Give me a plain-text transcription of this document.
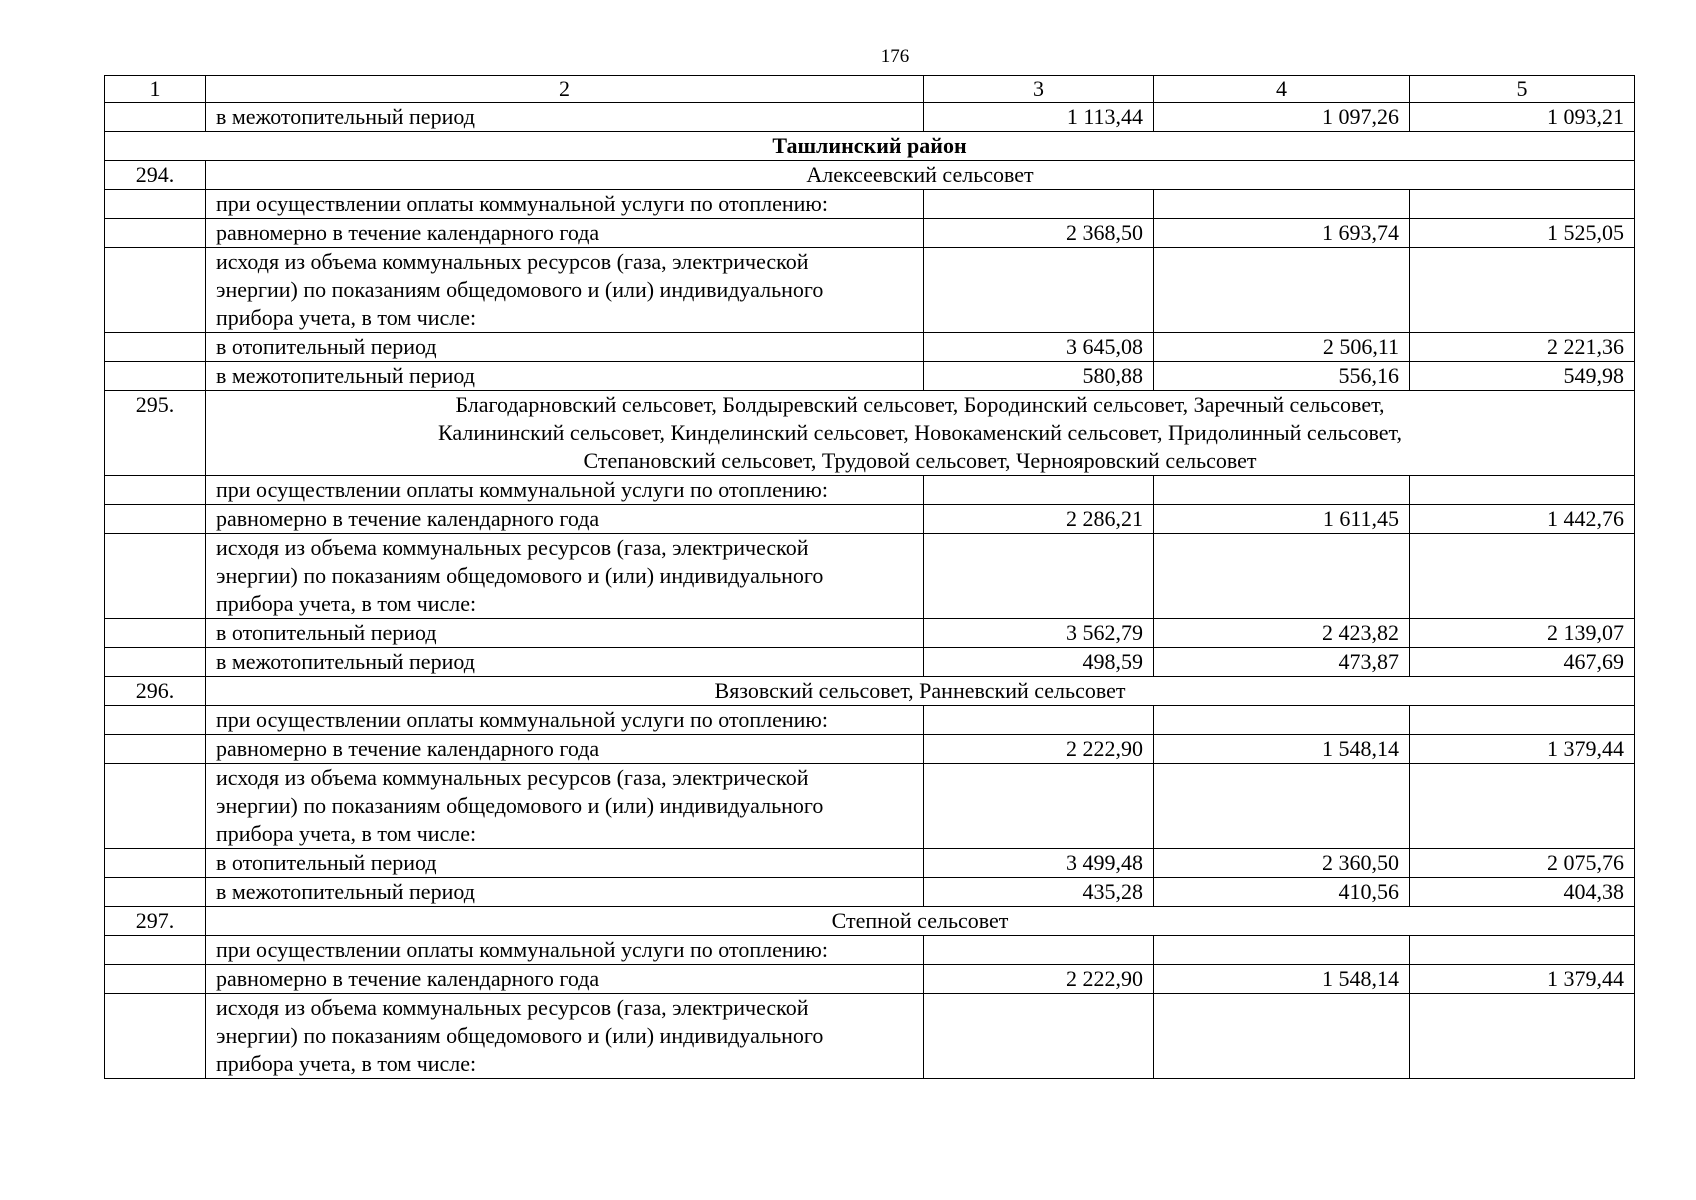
176
1	2	3	4	5
	в межотопительный период	1 113,44	1 097,26	1 093,21
Ташлинский район				
294.	Алексеевский сельсовет			
	при осуществлении оплаты коммунальной услуги по отоплению:			
	равномерно в течение календарного года	2 368,50	1 693,74	1 525,05

	исходя из объема коммунальных ресурсов (газа, электрической
энергии) по показаниям общедомового и (или) индивидуального
прибора учета, в том числе:			

	в отопительный период	3 645,08	2 506,11	2 221,36
	в межотопительный период	580,88	556,16	549,98
295.	Благодарновский сельсовет, Болдыревский сельсовет, Бородинский сельсовет, Заречный сельсовет,
Калининский сельсовет, Кинделинский сельсовет, Новокаменский сельсовет, Придолинный сельсовет,
Степановский сельсовет, Трудовой сельсовет, Чернояровский сельсовет			

	при осуществлении оплаты коммунальной услуги по отоплению:			
	равномерно в течение календарного года	2 286,21	1 611,45	1 442,76

	исходя из объема коммунальных ресурсов (газа, электрической
энергии) по показаниям общедомового и (или) индивидуального
прибора учета, в том числе:			

	в отопительный период	3 562,79	2 423,82	2 139,07
	в межотопительный период	498,59	473,87	467,69
296.	Вязовский сельсовет, Ранневский сельсовет			
	при осуществлении оплаты коммунальной услуги по отоплению:			
	равномерно в течение календарного года	2 222,90	1 548,14	1 379,44

	исходя из объема коммунальных ресурсов (газа, электрической
энергии) по показаниям общедомового и (или) индивидуального
прибора учета, в том числе:			

	в отопительный период	3 499,48	2 360,50	2 075,76
	в межотопительный период	435,28	410,56	404,38
297.	Степной сельсовет			
	при осуществлении оплаты коммунальной услуги по отоплению:			
	равномерно в течение календарного года	2 222,90	1 548,14	1 379,44

	исходя из объема коммунальных ресурсов (газа, электрической
энергии) по показаниям общедомового и (или) индивидуального
прибора учета, в том числе:			
